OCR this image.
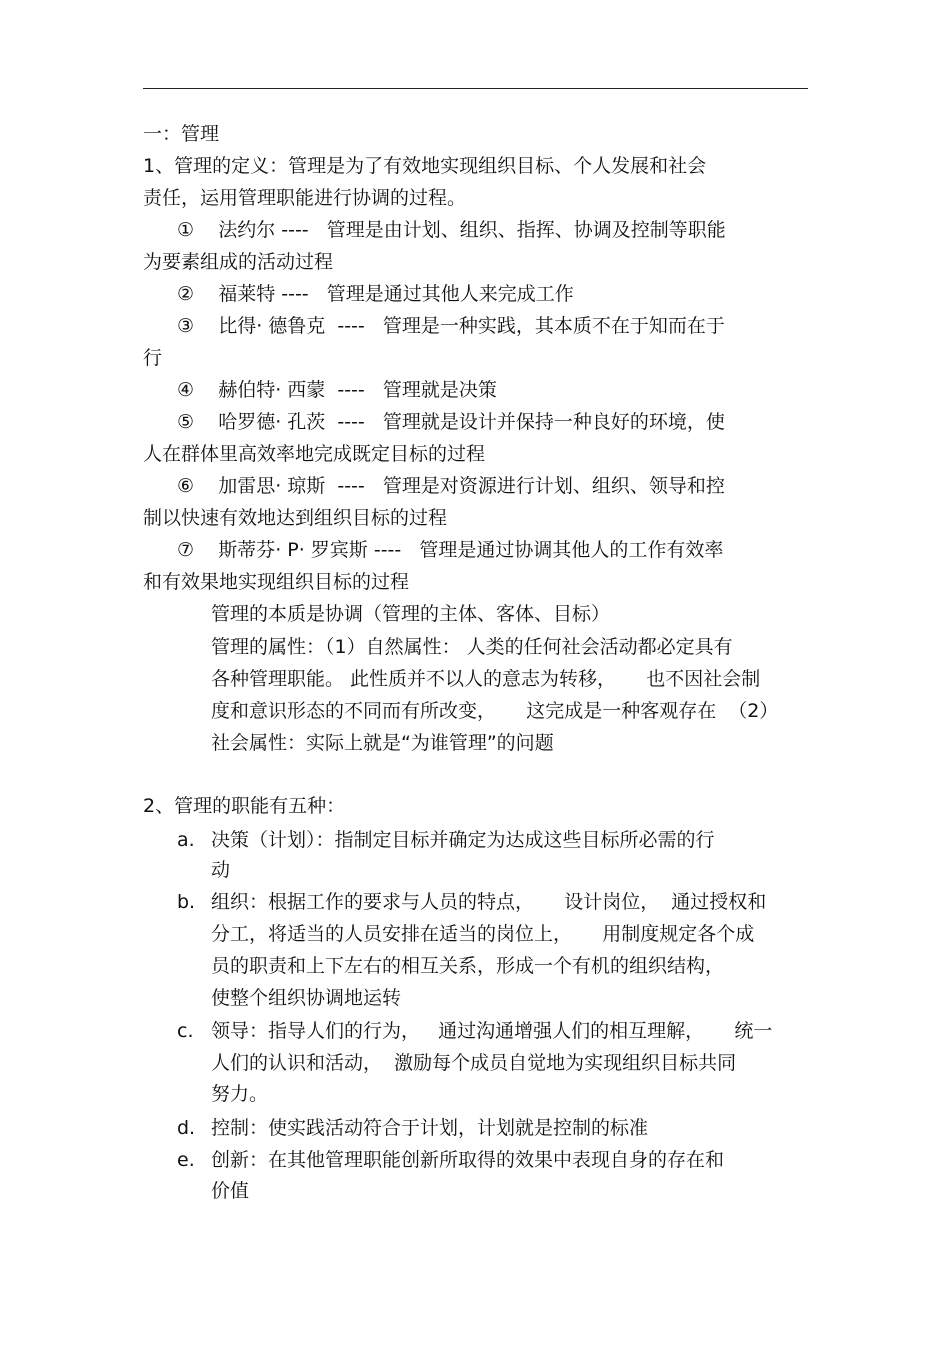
一：管理
1、管理的定义：管理是为了有效地实现组织目标、个人发展和社会
责任，运用管理职能进行协调的过程。
①    法约尔 ----   管理是由计划、组织、指挥、协调及控制等职能
为要素组成的活动过程
②    福莱特 ----   管理是通过其他人来完成工作
③    比得· 德鲁克  ----   管理是一种实践，其本质不在于知而在于
行
④    赫伯特· 西蒙  ----   管理就是决策
⑤    哈罗德· 孔茨  ----   管理就是设计并保持一种良好的环境，使
人在群体里高效率地完成既定目标的过程
⑥    加雷思· 琼斯  ----   管理是对资源进行计划、组织、领导和控
制以快速有效地达到组织目标的过程
⑦    斯蒂芬· P· 罗宾斯 ----   管理是通过协调其他人的工作有效率
和有效果地实现组织目标的过程
管理的本质是协调（管理的主体、客体、目标）
管理的属性：（1）自然属性： 人类的任何社会活动都必定具有
各种管理职能。 此性质并不以人的意志为转移，     也不因社会制
度和意识形态的不同而有所改变，     这完成是一种客观存在  （2）
社会属性：实际上就是“为谁管理”的问题
2、管理的职能有五种：
a. 决策（计划）：指制定目标并确定为达成这些目标所必需的行
动
b. 组织：根据工作的要求与人员的特点，     设计岗位，  通过授权和
分工，将适当的人员安排在适当的岗位上，     用制度规定各个成
员的职责和上下左右的相互关系，形成一个有机的组织结构，
使整个组织协调地运转
c. 领导：指导人们的行为，   通过沟通增强人们的相互理解，     统一
人们的认识和活动，  激励每个成员自觉地为实现组织目标共同
努力。
d. 控制：使实践活动符合于计划，计划就是控制的标准
e. 创新：在其他管理职能创新所取得的效果中表现自身的存在和
价值
